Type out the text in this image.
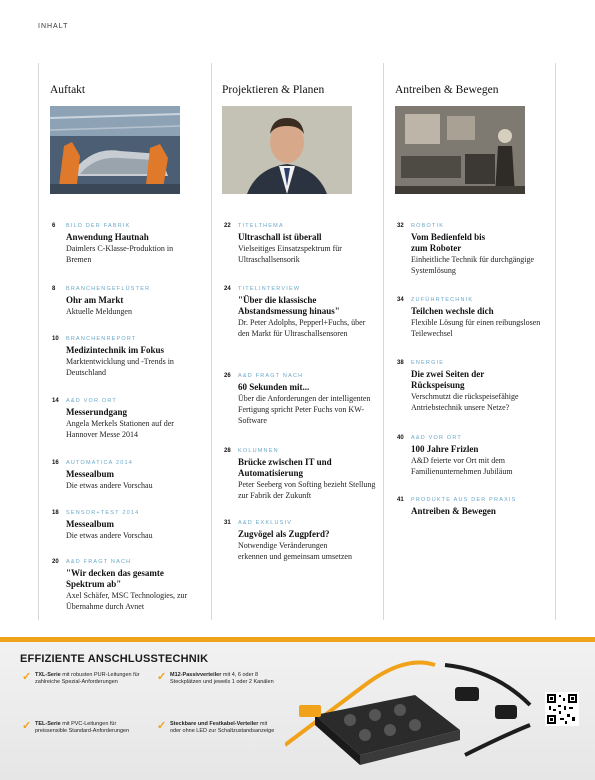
INHALT
Auftakt
6 BILD DER FABRIK
Anwendung Hautnah
Daimlers C-Klasse-Produktion in Bremen
8 BRANCHENGEFLÜSTER
Ohr am Markt
Aktuelle Meldungen
10 BRANCHENREPORT
Medizintechnik im Fokus
Marktentwicklung und -Trends in Deutschland
14 A&D VOR ORT
Messerundgang
Angela Merkels Stationen auf der Hannover Messe 2014
16 AUTOMATICA 2014
Messealbum
Die etwas andere Vorschau
18 SENSOR+TEST 2014
Messealbum
Die etwas andere Vorschau
20 A&D FRAGT NACH
"Wir decken das gesamte Spektrum ab"
Axel Schäfer, MSC Technologies, zur Übernahme durch Avnet
Projektieren & Planen
22 TITELTHEMA
Ultraschall ist überall
Vielseitiges Einsatzspektrum für Ultraschallsensorik
24 TITELINTERVIEW
"Über die klassische Abstandsmessung hinaus"
Dr. Peter Adolphs, Pepperl+Fuchs, über den Markt für Ultraschallsensoren
26 A&D FRAGT NACH
60 Sekunden mit...
Über die Anforderungen der intelligenten Fertigung spricht Peter Fuchs von KW-Software
28 KOLUMNEN
Brücke zwischen IT und Automatisierung
Peter Seeberg von Softing bezieht Stellung zur Fabrik der Zukunft
31 A&D EXKLUSIV
Zugvögel als Zugpferd?
Notwendige Veränderungen erkennen und gemeinsam umsetzen
Antreiben & Bewegen
32 ROBOTIK
Vom Bedienfeld bis zum Roboter
Einheitliche Technik für durchgängige Systemlösung
34 ZUFÜHRTECHNIK
Teilchen wechsle dich
Flexible Lösung für einen reibungslosen Teilewechsel
38 ENERGIE
Die zwei Seiten der Rückspeisung
Verschmutzt die rückspeisefähige Antriebstechnik unsere Netze?
40 A&D VOR ORT
100 Jahre Frizlen
A&D feierte vor Ort mit dem Familienunternehmen Jubiläum
41 PRODUKTE AUS DER PRAXIS
Antreiben & Bewegen
EFFIZIENTE ANSCHLUSSTECHNIK
✓ TXL-Serie mit robusten PUR-Leitungen für zahlreiche Spezial-Anforderungen	✓ M12-Passivverteiler mit 4, 6 oder 8 Steckplätzen und jeweils 1 oder 2 Kanälen
✓ TEL-Serie mit PVC-Leitungen für preissensible Standard-Anforderungen	✓ Steckbare und Festkabel-Verteiler mit oder ohne LED zur Schaltzustandsanzeige
